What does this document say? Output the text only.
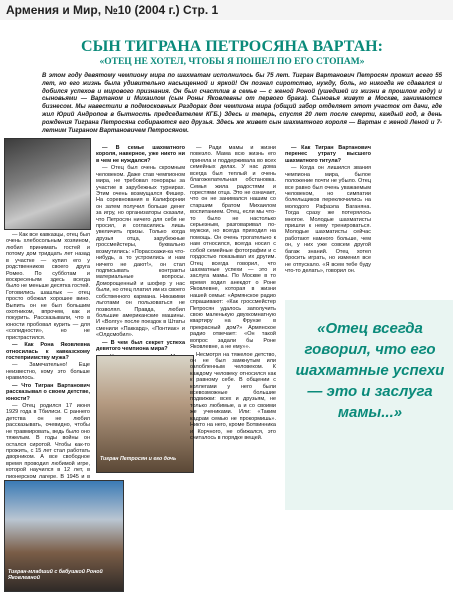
Армения и Мир, №10 (2004 г.) Стр. 1
СЫН ТИГРАНА ПЕТРОСЯНА ВАРТАН:
«ОТЕЦ НЕ ХОТЕЛ, ЧТОБЫ Я ПОШЕЛ ПО ЕГО СТОПАМ»
В этом году девятому чемпиону мира по шахматам исполнилось бы 75 лет. Тигран Вартанович Петросян прожил всего 55 лет, но его жизнь была удивительно насыщенной и яркой! Он познал сиротство, нужду, боль, но никогда не сдавался и добился успехов и мирового признания. Он был счастлив в семье — с женой Роной (ушедшей из жизни в прошлом году) и сыновьями — Вартаном и Михаилом (сын Роны Яковлевны от первого брака). Сыновья живут в Москве, занимаются бизнесом. Мы навестили в подмосковных Раздорах дом чемпиона мира (общий забор отделяет этот участок от дачи, где жил Юрий Андропов в бытность председателем КГБ.) Здесь и теперь, спустя 20 лет после смерти, каждый год, в день рождения Тиграна Петросяна собираются его друзья. Здесь же живет сын шахматного короля — Вартан с женой Леной и 7-летним Тиграном Вартановичем Петросяном.

— Как все кавказцы, отец был очень хлебосольным хозяином, любил принимать гостей и потому дом тридцать лет назад в участке — купил его у родственников своего друга Ромео. По субботам и воскресеньям здесь всегда было не меньше десятка гостей. Готовились шашлык — отец просто обожал хорошее вино. Выпить он не был большим охотником, впрочем, как и покурить. Рассказывали, что в юности пробовал курить — для «солидности», но не пристрастился.

— Как Рона Яковлевна относилась к кавказскому гостеприимству мужа?

— Замечательно! Еще неизвестно, кому это больше нравилось.

— Что Тигран Вартанович рассказывал о своем детстве, юности?

— Отец родился 17 июня 1929 года в Тбилиси. С раннего детства он не любил рассказывать, очевидно, чтобы не травмировать, ведь было оно тяжелым. В годы войны он остался сиротой. Чтобы как-то прожить, с 15 лет стал работать дворником. А все свободное время проводил любимой игре, которой научился в 12 лет, в пионерском лагере. В 1945 и в

— В семье шахматного короля, наверное, уже никто ни в чем не нуждался?

— Отец был очень скромным человеком. Даже став чемпионом мира, не требовал гонорары за участие в зарубежных турнирах. Этим очень возмущался Фишер. На соревнования в Калифорнии он затем получил больше денег за игру, но организаторы сказали, что Петросян ничего для себя не просил, и согласились лишь увеличить призы. Только когда друзья отца, зарубежные гроссмейстеры, буквально возмутились: «Порасскажи-ка что-нибудь, а то устроились и нам ничего не дают!», он стал подписывать контракты материальные вопросы. Доморощенный и шофер у нас были, но отец платил им из своего собственного кармана. Никакими льготами он пользоваться не позволял. Правда, любил большие американские машины. И «Волгу» после поездок в Штаты сменили «Паккард», «Понтиак» и «Олдсмобил».

— В чем был секрет успеха девятого чемпиона мира?

Тигран Петросян и его дочь
Тигран-младший с бабушкой Роной Яковлевной

— Ради мамы и жизни повезло. Мама всю жизнь его приняла и поддерживала во всех семейных делах. У нас дома всегда был теплый и очень благожелательная обстановка. Семья жила радостями и горестями отца. Это не означает, что он не занимался нашим со старшим братом Михаилом воспитанием. Отец, если мы что-то было не настолько серьезным, разговаривал по-мужски, но всегда приходил на помощь. Он очень трогательно к нам относился, всегда носил с собой семейные фотографии и с гордостью показывал их другим. Отец всегда говорил, что шахматные успехи — это и заслуга мамы. По Москве в то время ходил анекдот о Роне Яковлевне, которая в жизни нашей семьи: «Армянское радио спрашивают: «Как гроссмейстер Петросян удалось заполучить свою маленькую двухкомнатную квартиру на Фрунзе в прекрасный дом?» Армянское радио отвечает: «Он такой вопрос задали бы Роне Яковлевне, а не ему»».

Несмотря на тяжелое детство, он не был замкнутым или озлобленным человеком. К каждому человеку относился как к равному себе. В общении с коллегами у него были всевозможные большие подвижки: всех и друзьям, не только любимые, а и со своими же учениками. Или: «Таким кадрам семью не прокормишь». Никто на него, кроме Ботвинника и Корчного, не обижался, это считалось в порядке вещей.

— Как Тигран Вартанович перенес утрату высшего шахматного титула?

— Когда он лишился звания чемпиона мира, былое положение почти не убыло. Отец все равно был очень уважаемым человеком, но симпатии болельщиков переключились на молодого Рафаэла Ваганяна. Тогда сразу же потерялось многое. Молодые шахматисты пришли к нему тренироваться. Молодые шахматисты сейчас работают намного больше, чем он, у них уже совсем другой багаж знаний. Отец хотел бросить играть, но изменил все не отпускало. «Я всем тебе буду что-то делать», говорил он.

«Отец всегда говорил, что его шахматные успехи — это и заслуга мамы...»
